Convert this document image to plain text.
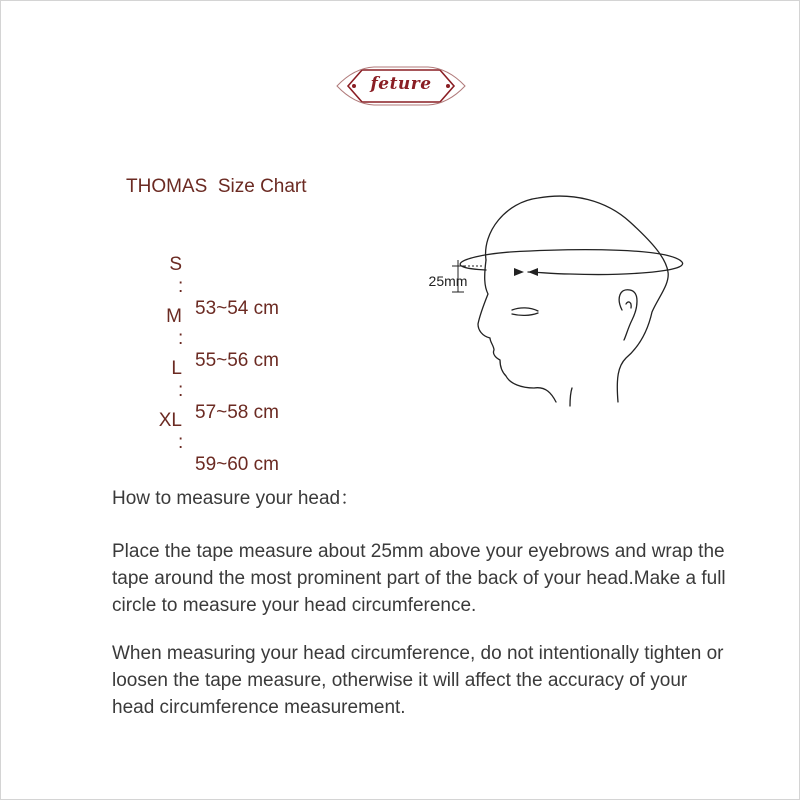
feture
THOMAS  Size Chart

S

:

53~54 cm

M

:

55~56 cm

L

:

57~58 cm

XL

:

59~60 cm

25mm
How to measure your head：
Place the tape measure about 25mm above your eyebrows and wrap the tape around the most prominent part of the back of your head.Make a full circle to measure your head circumference.
When measuring your head circumference, do not intentionally tighten or loosen the tape measure, otherwise it will affect the accuracy of your head circumference measurement.
